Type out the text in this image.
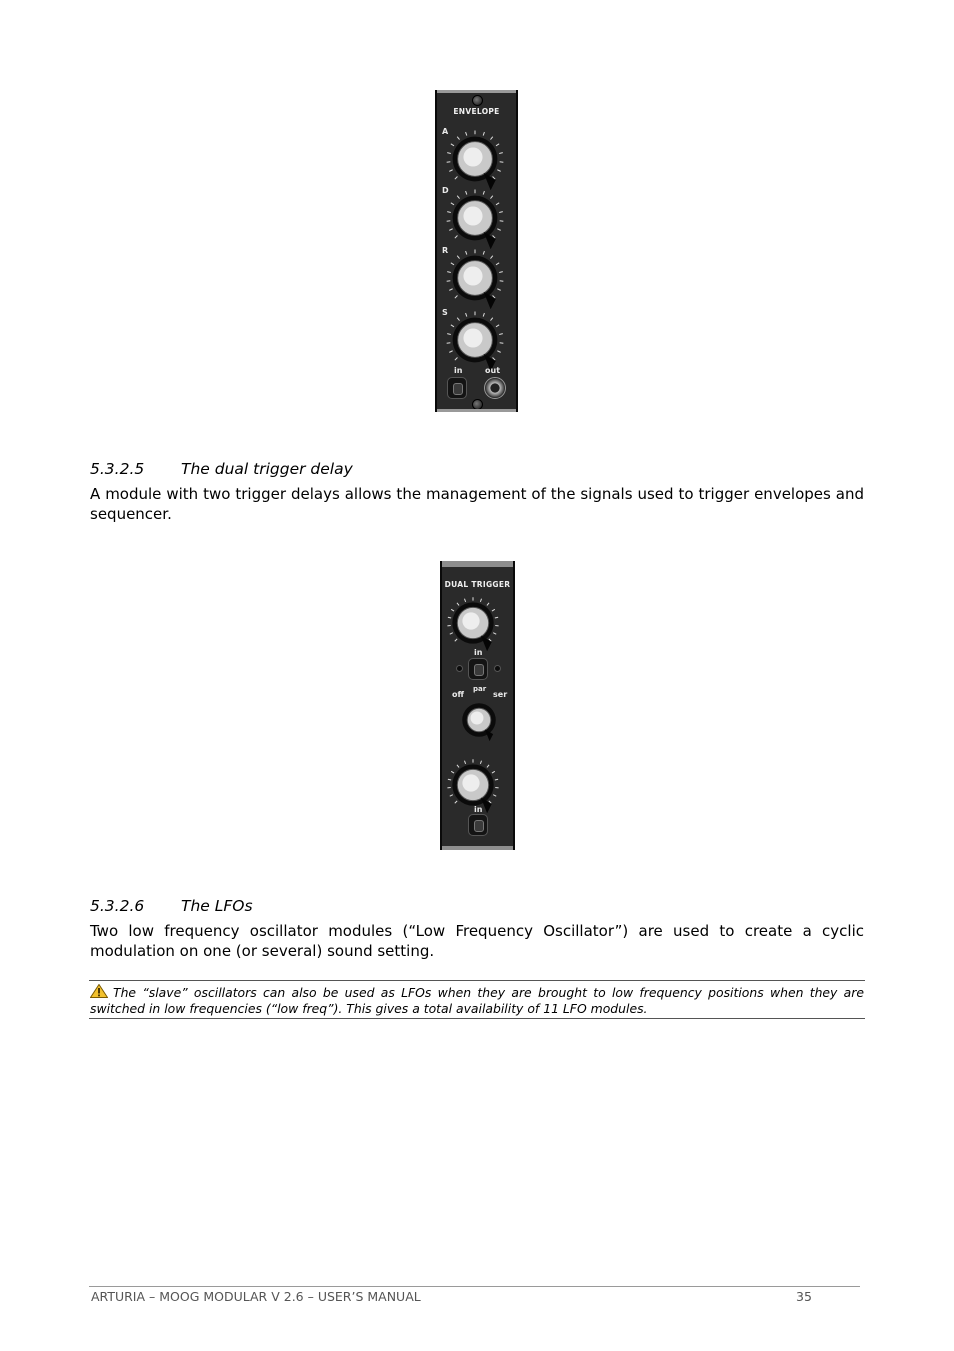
ENVELOPE
A
D
R
S
in	out
5.3.2.5 The dual trigger delay
A module with two trigger delays allows the management of the signals used to trigger envelopes and sequencer.
DUAL TRIGGER
in
off
par
ser
in
5.3.2.6 The LFOs
Two low frequency oscillator modules (“Low Frequency Oscillator”) are used to create a cyclic modulation on one (or several) sound setting.
The “slave” oscillators can also be used as LFOs when they are brought to low frequency positions when they are switched in low frequencies (“low freq”). This gives a total availability of 11 LFO modules.
ARTURIA – MOOG MODULAR V 2.6 – USER’S MANUAL	35
